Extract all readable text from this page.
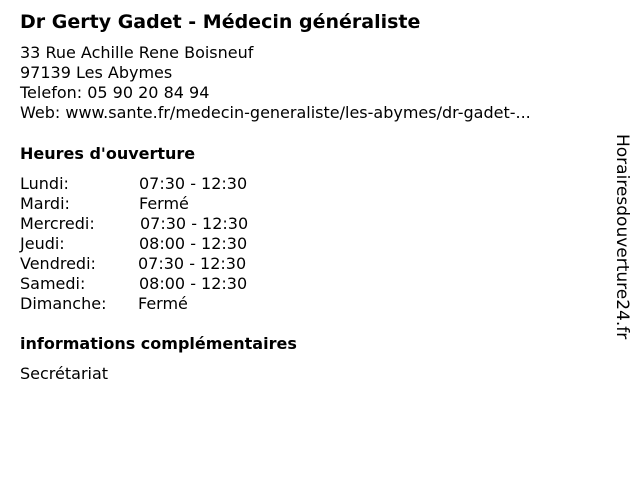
Dr Gerty Gadet - Médecin généraliste
33 Rue Achille Rene Boisneuf
97139 Les Abymes
Telefon: 05 90 20 84 94
Web: www.sante.fr/medecin-generaliste/les-abymes/dr-gadet-...
Heures d'ouverture
Lundi:	07:30 - 12:30
Mardi:	Fermé
Mercredi:	07:30 - 12:30
Jeudi:	08:00 - 12:30
Vendredi:	07:30 - 12:30
Samedi:	08:00 - 12:30
Dimanche: Fermé
informations complémentaires
Secrétariat
Horairesdouverture24.fr
